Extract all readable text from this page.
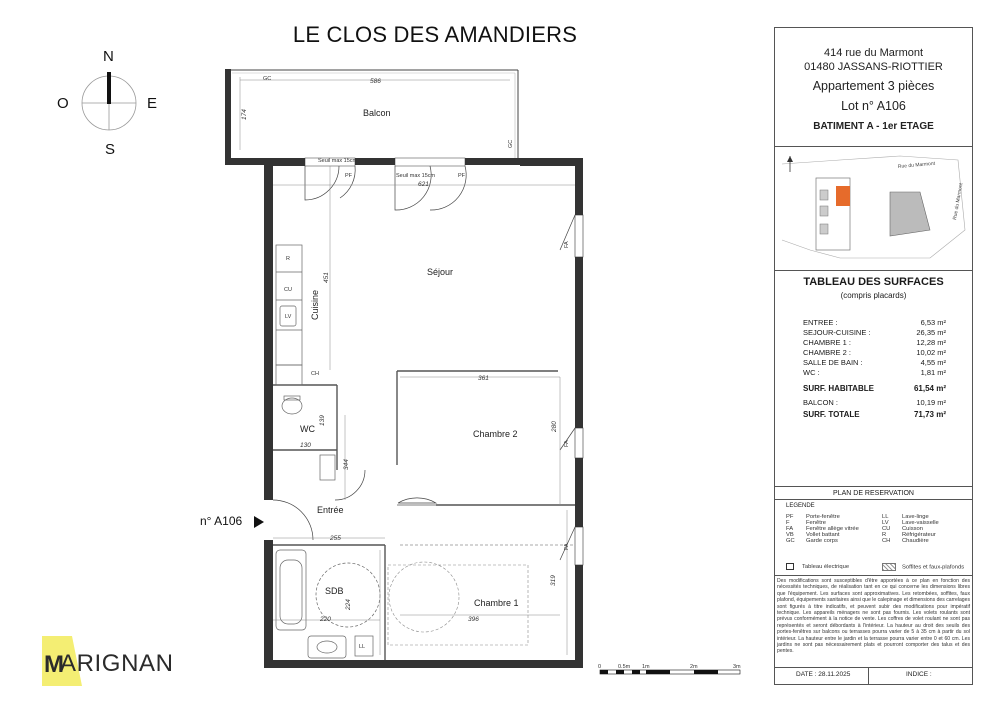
LE CLOS DES AMANDIERS
N
S
O	E
Balcon
Séjour
Cuisine
Chambre 2
Chambre 1
WC
Entrée
SDB
586
174
621
451
361
280
139
130
344
255
224
220	396
319
GC
GC
Seuil max 15cm
Seuil max 15cm
PF	PF
FA
FA
FA
R
CU
LV
CH
LL
0	0.5m 1m	2m	3m
n° A106
M
ARIGNAN
414 rue du Marmont
01480 JASSANS-RIOTTIER
Appartement 3 pièces
Lot n° A106
BATIMENT A - 1er ETAGE
Rue du Marmont
Rue du Marmont
TABLEAU DES SURFACES
(compris placards)
ENTREE :	6,53 m²
SEJOUR-CUISINE :	26,35 m²
CHAMBRE 1 :	12,28 m²
CHAMBRE 2 :	10,02 m²
SALLE DE BAIN :	4,55 m²
WC :	1,81 m²
SURF. HABITABLE	61,54 m²
BALCON :	10,19 m²
SURF. TOTALE	71,73 m²
PLAN DE RESERVATION
LEGENDE
PF Porte-fenêtre
F	Fenêtre
FA Fenêtre allège vitrée
VB Vollet battant
GC Garde corps
LL Lave-linge
LV Lave-vaisselle
CU Cuisson
R	Réfrigérateur
CH Chaudière
Tableau électrique	Soffites et faux-plafonds
Des modifications sont susceptibles d'être apportées à ce plan en fonction des nécessités techniques, de réalisation tant en ce qui concerne les dimensions libres que l'équipement. Les surfaces sont approximatives. Les retombées, soffites, faux plafond, équipements sanitaires ainsi que le calepinage et dimensions des carrelages sont figurés à titre indicatifs, et peuvent subir des modifications pour impératif technique. Les appareils ménagers ne sont pas fournis. Les volets roulants sont prévus conformément à la notice de vente. Les coffres de volet roulant ne sont pas représentés et seront débordants à l'intérieur. La hauteur au droit des seuils des portes-fenêtres sur balcons ou terrasses pourra varier de 5 à 35 cm à partir du sol intérieur. La hauteur entre le jardin et la terrasse pourra varier entre 0 et 60 cm. Les jardins ne sont pas nécessairement plats et pourront comporter des talus et des pentes.
DATE : 28.11.2025	INDICE :
